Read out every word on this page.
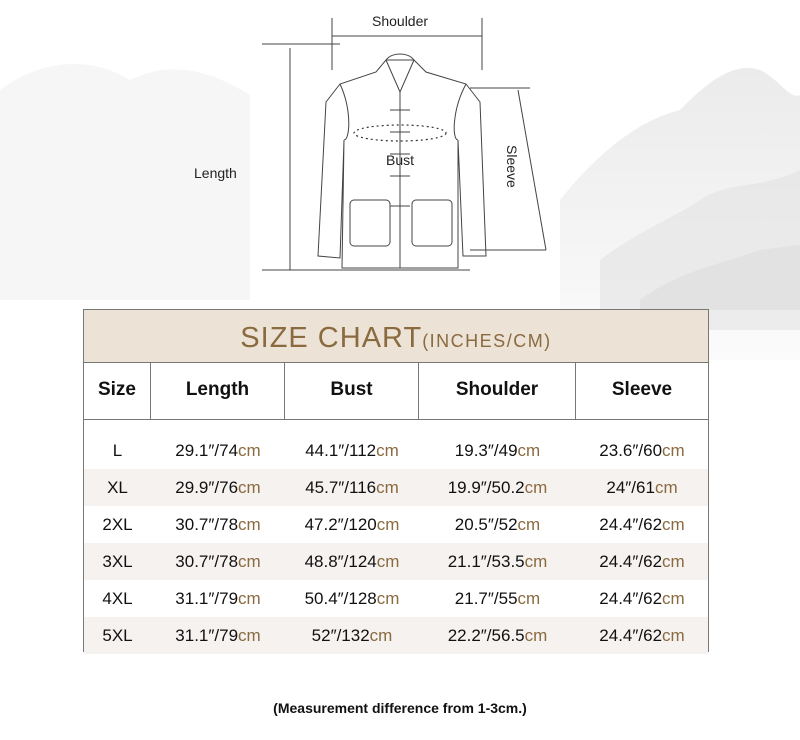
Shoulder
Length
Bust	Sleeve
SIZE CHART(INCHES/CM)
Size	Length	Bust	Shoulder	Sleeve
L	29.1″/74cm	44.1″/112cm	19.3″/49cm	23.6″/60cm
XL	29.9″/76cm	45.7″/116cm	19.9″/50.2cm	24″/61cm
2XL	30.7″/78cm	47.2″/120cm	20.5″/52cm	24.4″/62cm
3XL	30.7″/78cm	48.8″/124cm	21.1″/53.5cm	24.4″/62cm
4XL	31.1″/79cm	50.4″/128cm	21.7″/55cm	24.4″/62cm
5XL	31.1″/79cm	52″/132cm	22.2″/56.5cm	24.4″/62cm
(Measurement difference from 1-3cm.)
